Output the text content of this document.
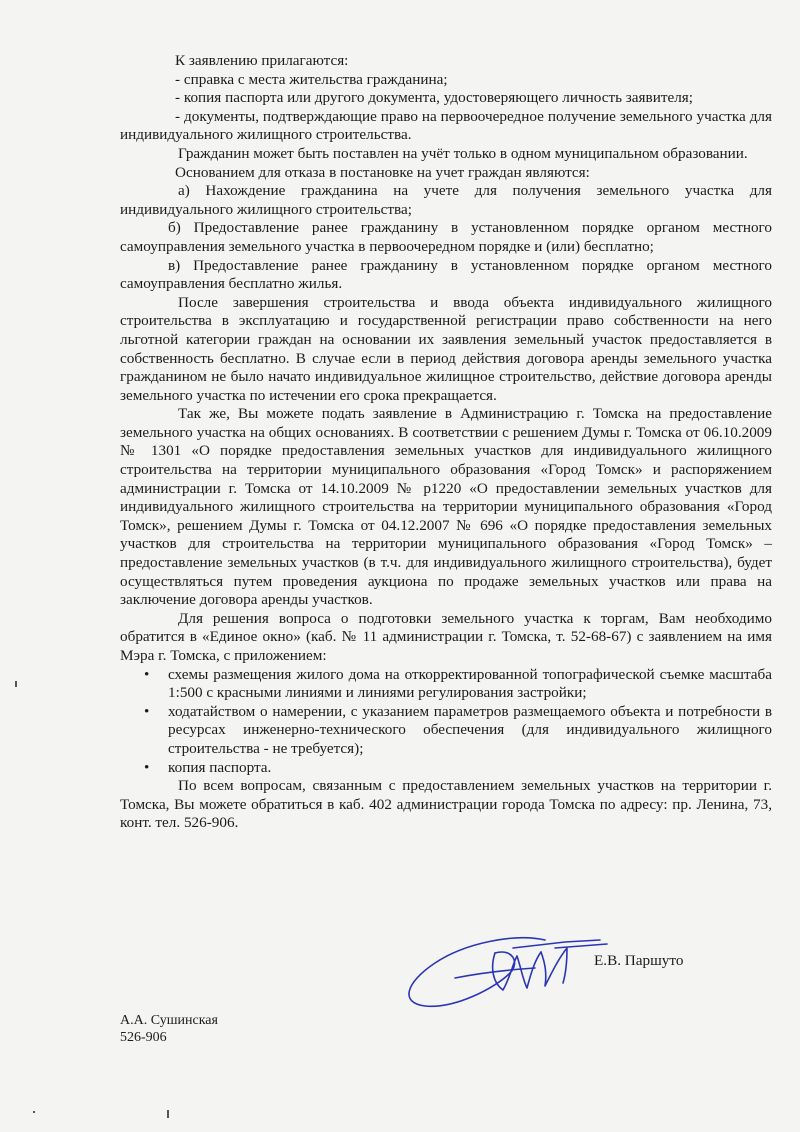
К заявлению прилагаются:

- справка с места жительства гражданина;

- копия паспорта или другого документа, удостоверяющего личность заявителя;

- документы, подтверждающие право на первоочередное получение земельного участка для индивидуального жилищного строительства.

Гражданин может быть поставлен на учёт только в одном муниципальном образовании.

Основанием для отказа в постановке на учет граждан являются:

а) Нахождение гражданина на учете для получения земельного участка для индивидуального жилищного строительства;

б) Предоставление ранее гражданину в установленном порядке органом местного самоуправления земельного участка в первоочередном порядке и (или) бесплатно;

в) Предоставление ранее гражданину в установленном порядке органом местного самоуправления бесплатно жилья.

После завершения строительства и ввода объекта индивидуального жилищного строительства в эксплуатацию и государственной регистрации право собственности на него льготной категории граждан на основании их заявления земельный участок предоставляется в собственность бесплатно. В случае если в период действия договора аренды земельного участка гражданином не было начато индивидуальное жилищное строительство, действие договора аренды земельного участка по истечении его срока прекращается.

Так же, Вы можете подать заявление в Администрацию г. Томска на предоставление земельного участка на общих основаниях. В соответствии с решением Думы г. Томска от 06.10.2009 № 1301 «О порядке предоставления земельных участков для индивидуального жилищного строительства на территории муниципального образования «Город Томск» и распоряжением администрации г. Томска от 14.10.2009 № р1220 «О предоставлении земельных участков для индивидуального жилищного строительства на территории муниципального образования «Город Томск», решением Думы г. Томска от 04.12.2007 № 696 «О порядке предоставления земельных участков для строительства на территории муниципального образования «Город Томск» – предоставление земельных участков (в т.ч. для индивидуального жилищного строительства), будет осуществляться путем проведения аукциона по продаже земельных участков или права на заключение договора аренды участков.

Для решения вопроса о подготовки земельного участка к торгам, Вам необходимо обратится в «Единое окно» (каб. № 11 администрации г. Томска, т. 52-68-67) с заявлением на имя Мэра г. Томска, с приложением:

• схемы размещения жилого дома на откорректированной топографической съемке масштаба 1:500 с красными линиями и линиями регулирования застройки;
• ходатайством о намерении, с указанием параметров размещаемого объекта и потребности в ресурсах инженерно-технического обеспечения (для индивидуального жилищного строительства - не требуется);
• копия паспорта.

По всем вопросам, связанным с предоставлением земельных участков на территории г. Томска, Вы можете обратиться в каб. 402 администрации города Томска по адресу: пр. Ленина, 73, конт. тел. 526-906.

Е.В. Паршуто
А.А. Сушинская
526-906
